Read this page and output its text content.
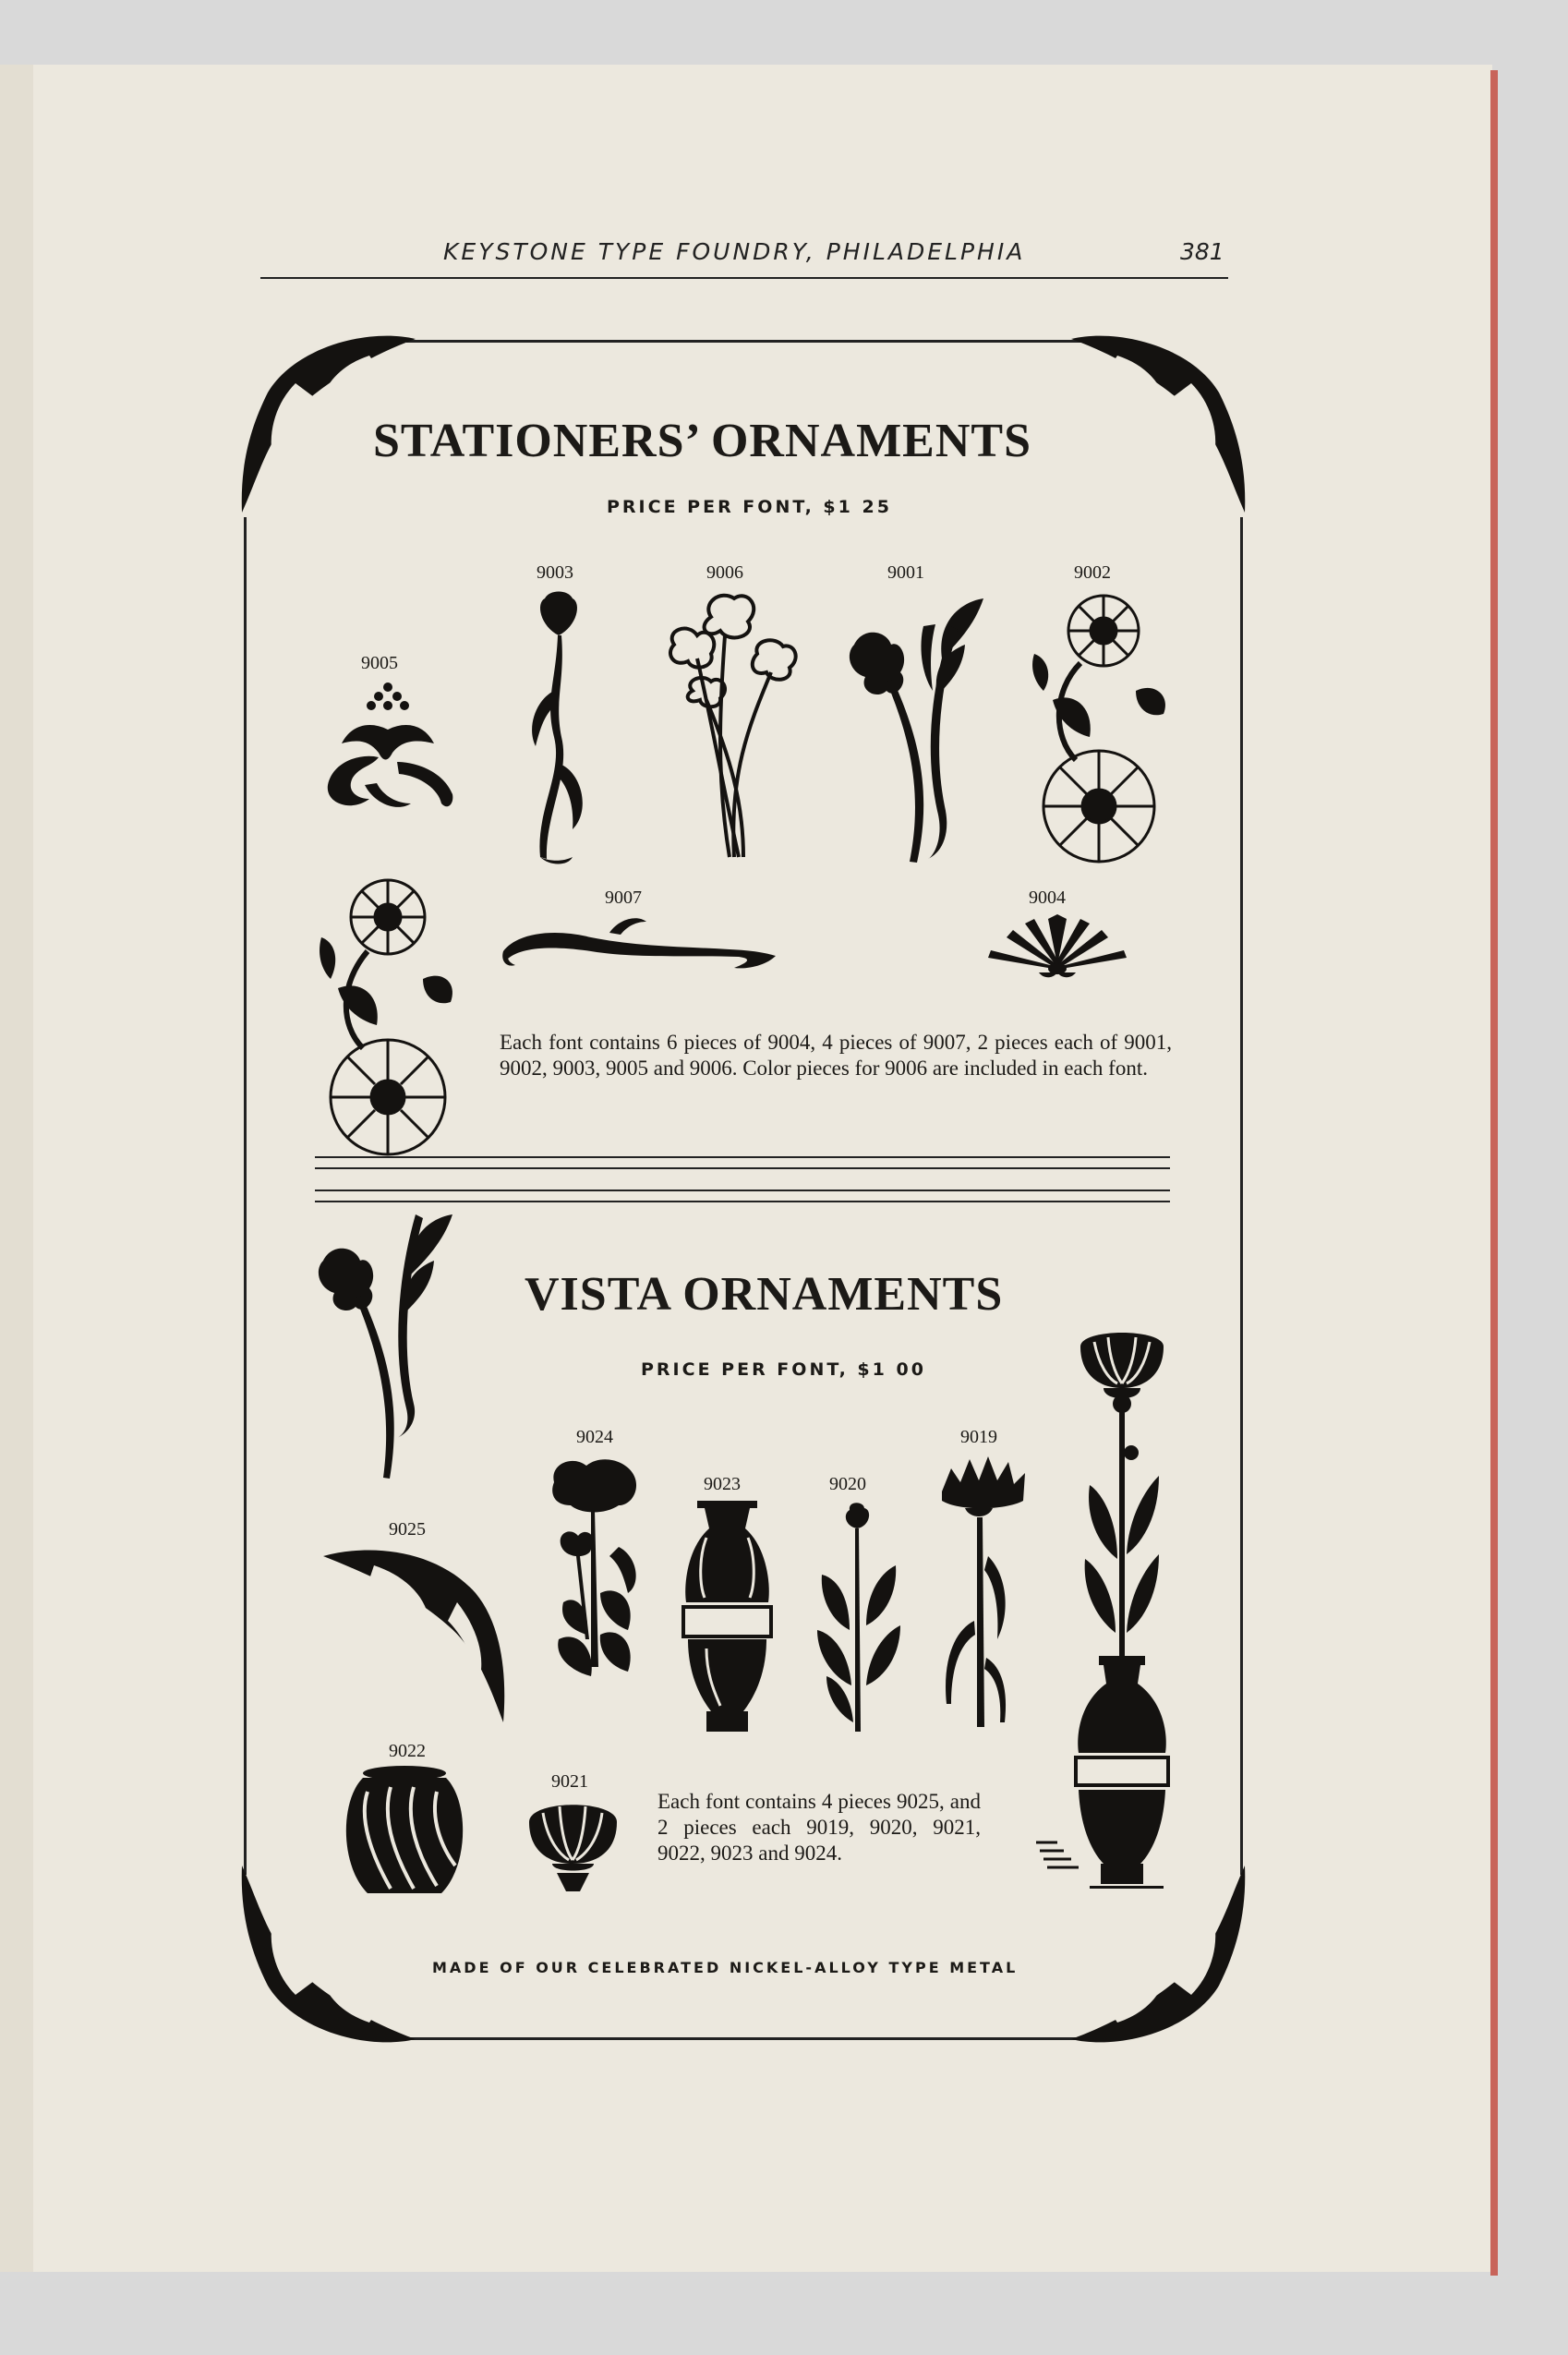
KEYSTONE TYPE FOUNDRY, PHILADELPHIA	381
STATIONERS’ ORNAMENTS
PRICE PER FONT, $1 25
9005
9003	9006	9001	9002
9007	9004
Each font contains 6 pieces of 9004, 4 pieces of 9007, 2 pieces each of 9001, 9002, 9003, 9005 and 9006. Color pieces for 9006 are included in each font.
VISTA ORNAMENTS
PRICE PER FONT, $1 00
9024
9023	9020
9019
9025
9022
9021
Each font contains 4 pieces 9025, and 2 pieces each 9019, 9020, 9021, 9022, 9023 and 9024.
MADE OF OUR CELEBRATED NICKEL-ALLOY TYPE METAL
